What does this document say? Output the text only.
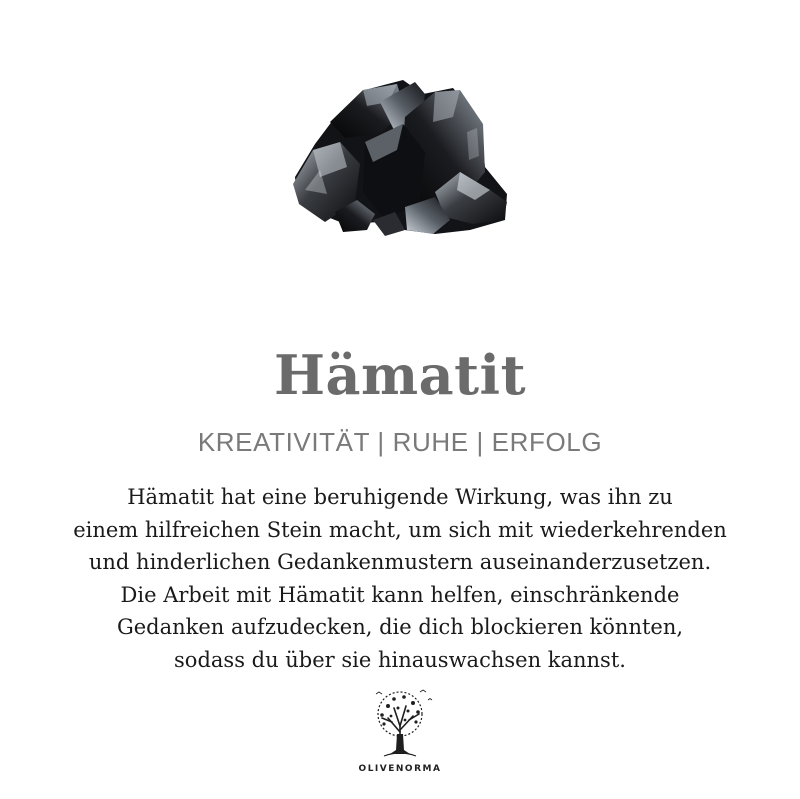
Hämatit
KREATIVITÄT | RUHE | ERFOLG
Hämatit hat eine beruhigende Wirkung, was ihn zu
einem hilfreichen Stein macht, um sich mit wiederkehrenden
und hinderlichen Gedankenmustern auseinanderzusetzen.
Die Arbeit mit Hämatit kann helfen, einschränkende
Gedanken aufzudecken, die dich blockieren könnten,
sodass du über sie hinauswachsen kannst.
OLIVENORMA
